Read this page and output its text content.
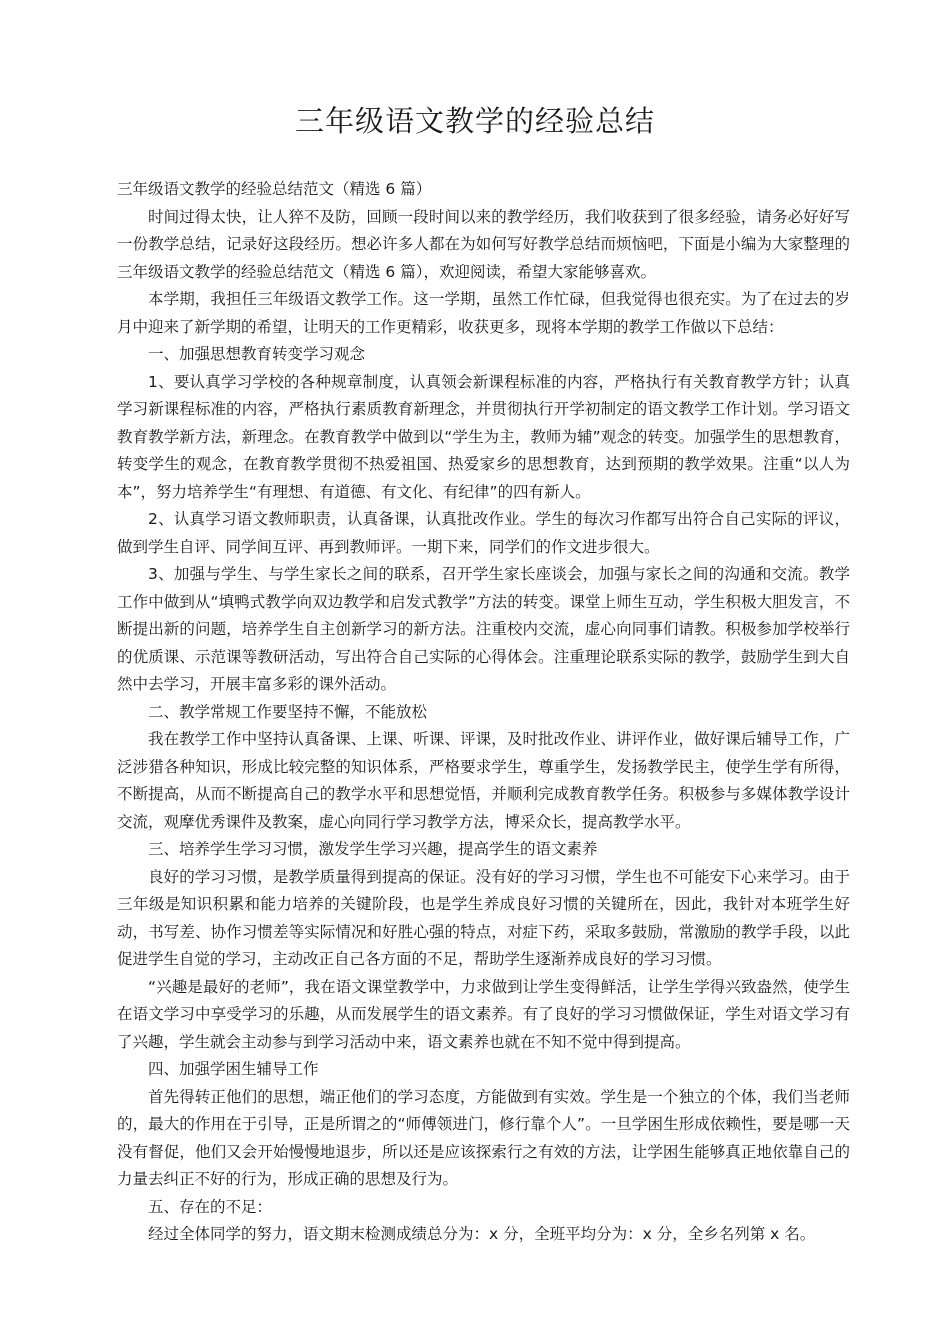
三年级语文教学的经验总结

三年级语文教学的经验总结范文（精选 6 篇）

时间过得太快，让人猝不及防，回顾一段时间以来的教学经历，我们收获到了很多经验，请务必好好写一份教学总结，记录好这段经历。想必许多人都在为如何写好教学总结而烦恼吧，下面是小编为大家整理的三年级语文教学的经验总结范文（精选 6 篇），欢迎阅读，希望大家能够喜欢。

本学期，我担任三年级语文教学工作。这一学期，虽然工作忙碌，但我觉得也很充实。为了在过去的岁月中迎来了新学期的希望，让明天的工作更精彩，收获更多，现将本学期的教学工作做以下总结：

一、加强思想教育转变学习观念

1、要认真学习学校的各种规章制度，认真领会新课程标准的内容，严格执行有关教育教学方针；认真学习新课程标准的内容，严格执行素质教育新理念，并贯彻执行开学初制定的语文教学工作计划。学习语文教育教学新方法，新理念。在教育教学中做到以“学生为主，教师为辅”观念的转变。加强学生的思想教育，转变学生的观念，在教育教学贯彻不热爱祖国、热爱家乡的思想教育，达到预期的教学效果。注重“以人为本”，努力培养学生“有理想、有道德、有文化、有纪律”的四有新人。

2、认真学习语文教师职责，认真备课，认真批改作业。学生的每次习作都写出符合自己实际的评议，做到学生自评、同学间互评、再到教师评。一期下来，同学们的作文进步很大。

3、加强与学生、与学生家长之间的联系，召开学生家长座谈会，加强与家长之间的沟通和交流。教学工作中做到从“填鸭式教学向双边教学和启发式教学”方法的转变。课堂上师生互动，学生积极大胆发言，不断提出新的问题，培养学生自主创新学习的新方法。注重校内交流，虚心向同事们请教。积极参加学校举行的优质课、示范课等教研活动，写出符合自己实际的心得体会。注重理论联系实际的教学，鼓励学生到大自然中去学习，开展丰富多彩的课外活动。

二、教学常规工作要坚持不懈，不能放松

我在教学工作中坚持认真备课、上课、听课、评课，及时批改作业、讲评作业，做好课后辅导工作，广泛涉猎各种知识，形成比较完整的知识体系，严格要求学生，尊重学生，发扬教学民主，使学生学有所得，不断提高，从而不断提高自己的教学水平和思想觉悟，并顺利完成教育教学任务。积极参与多媒体教学设计交流，观摩优秀课件及教案，虚心向同行学习教学方法，博采众长，提高教学水平。

三、培养学生学习习惯，激发学生学习兴趣，提高学生的语文素养

良好的学习习惯，是教学质量得到提高的保证。没有好的学习习惯，学生也不可能安下心来学习。由于三年级是知识积累和能力培养的关键阶段，也是学生养成良好习惯的关键所在，因此，我针对本班学生好动，书写差、协作习惯差等实际情况和好胜心强的特点，对症下药，采取多鼓励，常激励的教学手段，以此促进学生自觉的学习，主动改正自己各方面的不足，帮助学生逐渐养成良好的学习习惯。

“兴趣是最好的老师”，我在语文课堂教学中，力求做到让学生变得鲜活，让学生学得兴致盎然，使学生在语文学习中享受学习的乐趣，从而发展学生的语文素养。有了良好的学习习惯做保证，学生对语文学习有了兴趣，学生就会主动参与到学习活动中来，语文素养也就在不知不觉中得到提高。

四、加强学困生辅导工作

首先得转正他们的思想，端正他们的学习态度，方能做到有实效。学生是一个独立的个体，我们当老师的，最大的作用在于引导，正是所谓之的“师傅领进门，修行靠个人”。一旦学困生形成依赖性，要是哪一天没有督促，他们又会开始慢慢地退步，所以还是应该探索行之有效的方法，让学困生能够真正地依靠自己的力量去纠正不好的行为，形成正确的思想及行为。

五、存在的不足：

经过全体同学的努力，语文期末检测成绩总分为：x 分，全班平均分为：x 分，全乡名列第 x 名。
